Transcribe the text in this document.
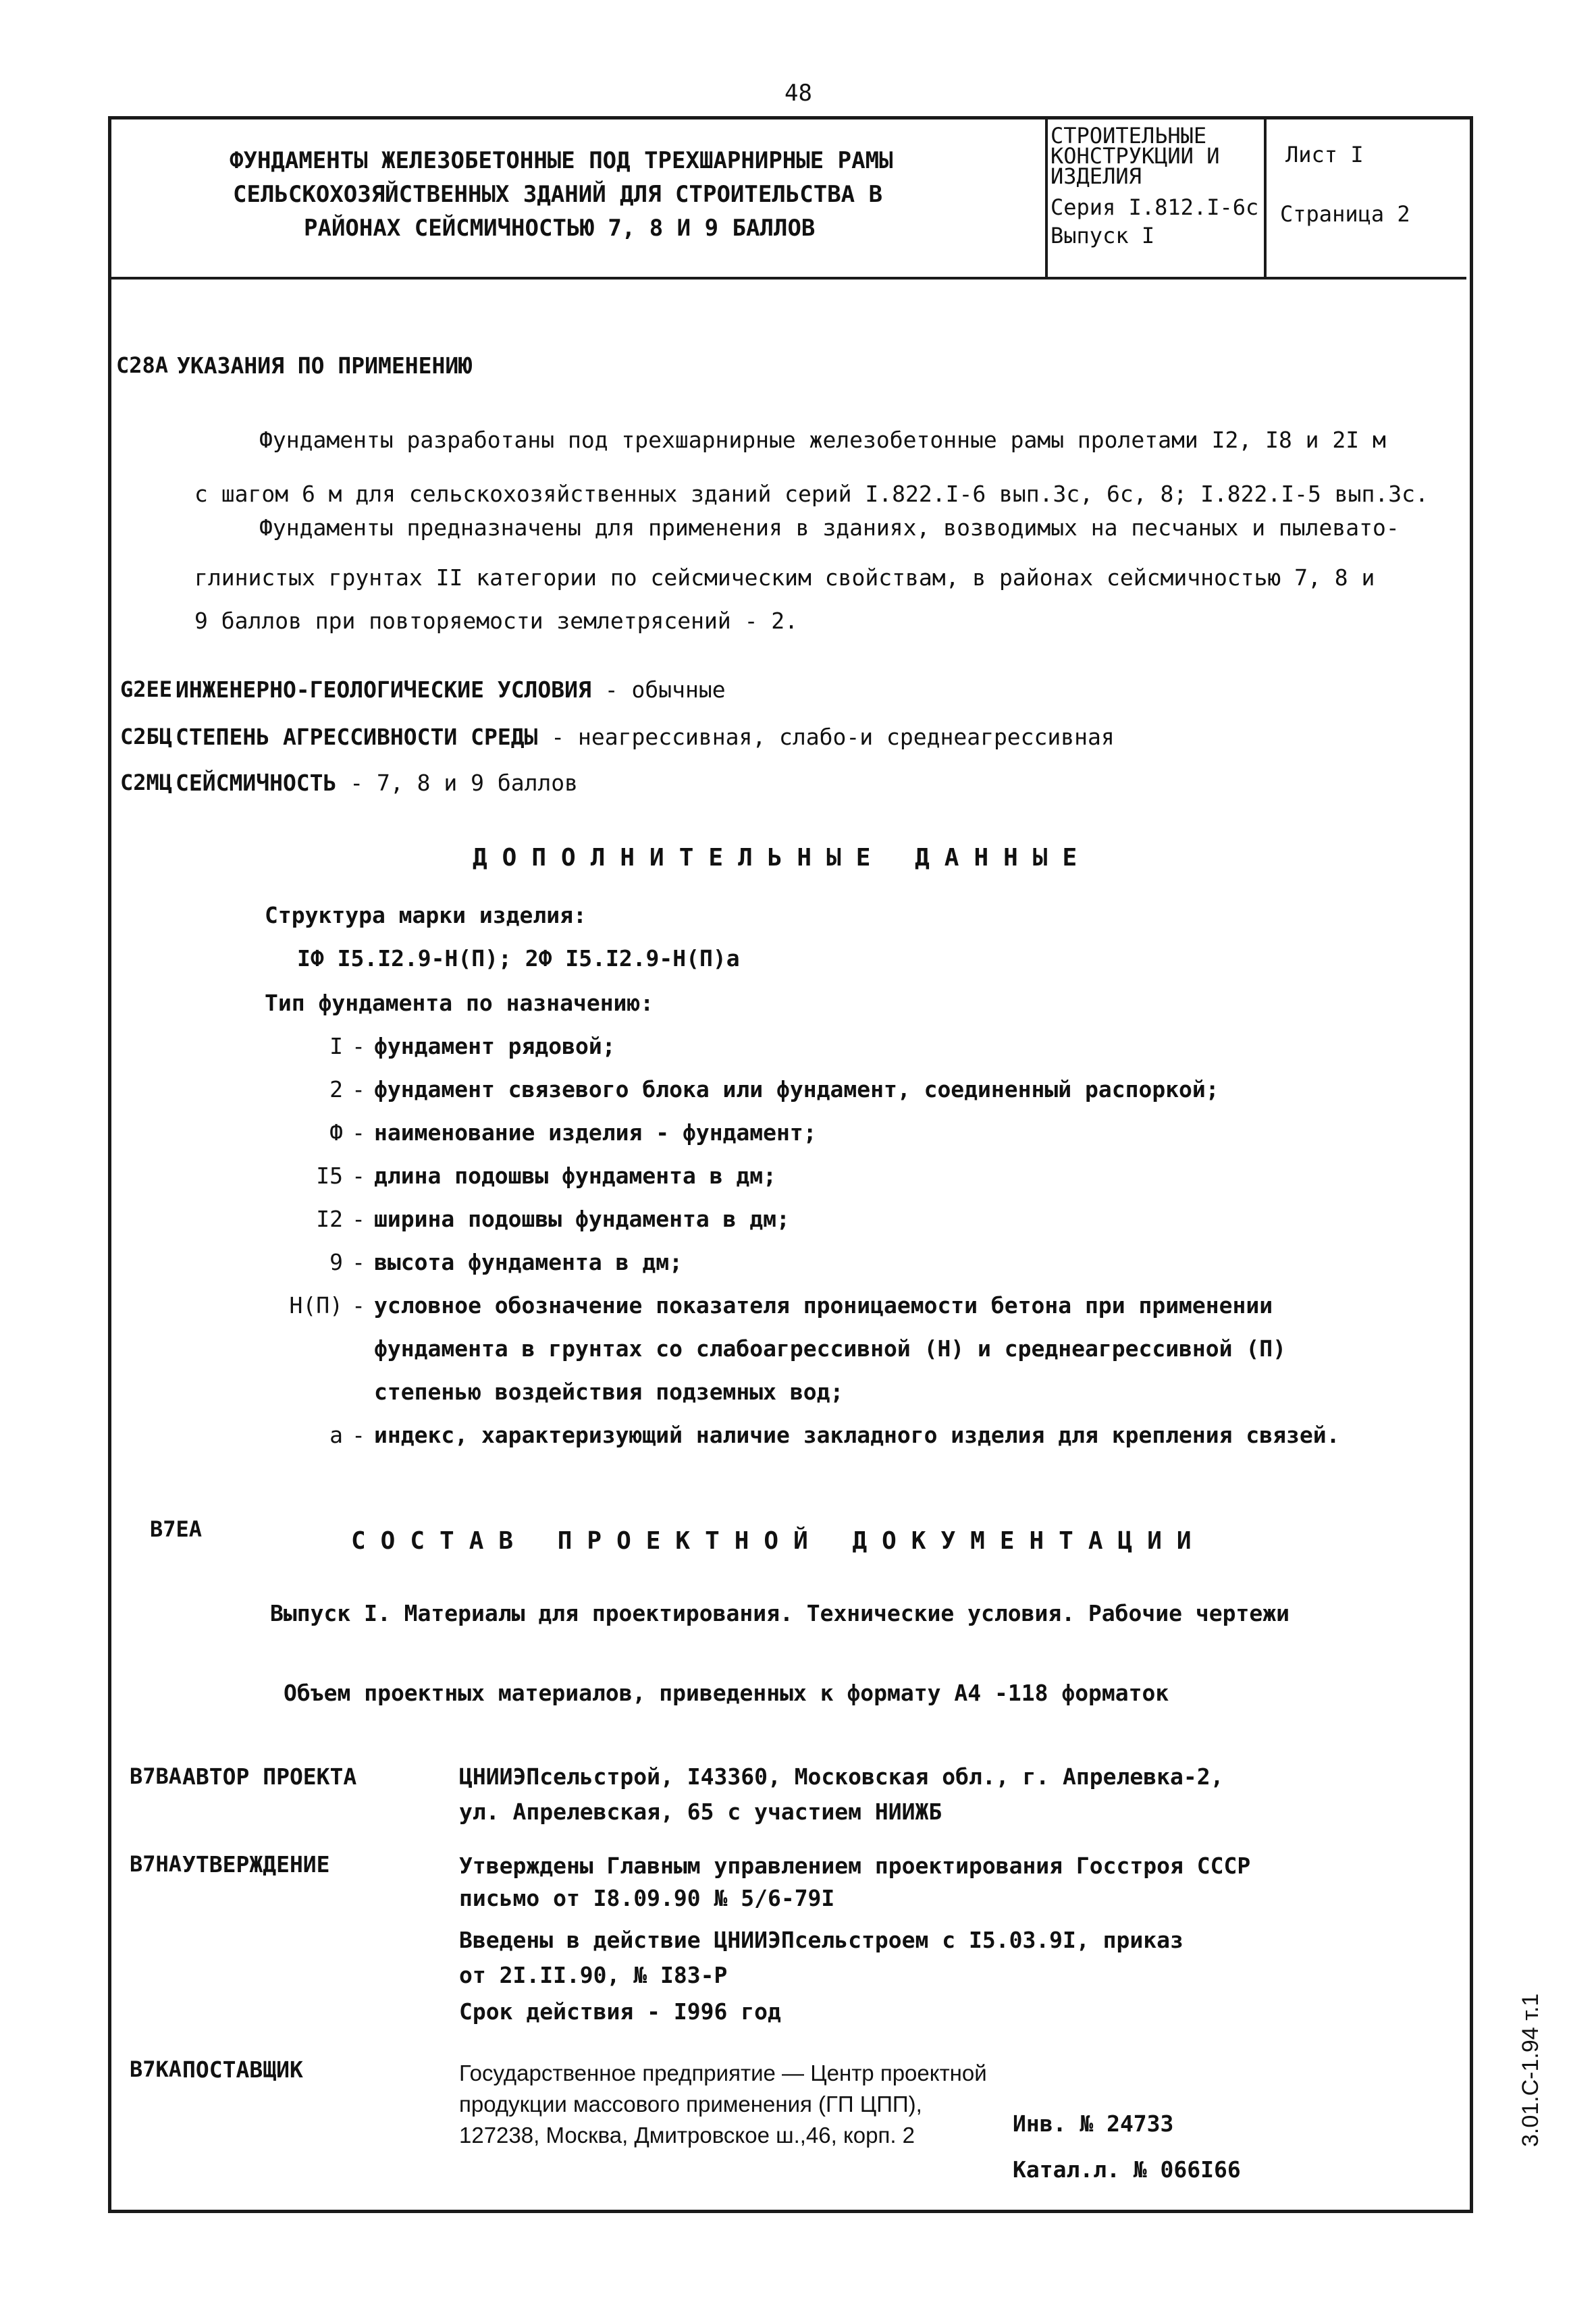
48
ФУНДАМЕНТЫ ЖЕЛЕЗОБЕТОННЫЕ ПОД ТРЕХШАРНИРНЫЕ РАМЫ
СЕЛЬСКОХОЗЯЙСТВЕННЫХ ЗДАНИЙ ДЛЯ СТРОИТЕЛЬСТВА В
РАЙОНАХ СЕЙСМИЧНОСТЬЮ 7, 8 И 9 БАЛЛОВ
СТРОИТЕЛЬНЫЕ
КОНСТРУКЦИИ И
ИЗДЕЛИЯ
Серия I.812.I-6с
Выпуск I
Лист I
Страница 2
С28А УКАЗАНИЯ ПО ПРИМЕНЕНИЮ
Фундаменты разработаны под трехшарнирные железобетонные рамы пролетами I2, I8 и 2I м
с шагом 6 м для сельскохозяйственных зданий серий I.822.I-6 вып.3с, 6с, 8; I.822.I-5 вып.3с.
Фундаменты предназначены для применения в зданиях, возводимых на песчаных и пылевато-
глинистых грунтах II категории по сейсмическим свойствам, в районах сейсмичностью 7, 8 и
9 баллов при повторяемости землетрясений - 2.
G2ЕЕ ИНЖЕНЕРНО-ГЕОЛОГИЧЕСКИЕ УСЛОВИЯ - обычные
С2БЦ СТЕПЕНЬ АГРЕССИВНОСТИ СРЕДЫ - неагрессивная, слабо-и среднеагрессивная
С2МЦ СЕЙСМИЧНОСТЬ - 7, 8 и 9 баллов
ДОПОЛНИТЕЛЬНЫЕ ДАННЫЕ
Структура марки изделия:
IФ I5.I2.9-Н(П); 2Ф I5.I2.9-Н(П)а
Тип фундамента по назначению:
I - фундамент рядовой;
2 - фундамент связевого блока или фундамент, соединенный распоркой;
Ф - наименование изделия - фундамент;
I5 - длина подошвы фундамента в дм;
I2 - ширина подошвы фундамента в дм;
9 - высота фундамента в дм;
Н(П) - условное обозначение показателя проницаемости бетона при применении
фундамента в грунтах со слабоагрессивной (Н) и среднеагрессивной (П)
степенью воздействия подземных вод;
а - индекс, характеризующий наличие закладного изделия для крепления связей.
В7ЕА	СОСТАВ ПРОЕКТНОЙ ДОКУМЕНТАЦИИ
Выпуск I. Материалы для проектирования. Технические условия. Рабочие чертежи
Объем проектных материалов, приведенных к формату А4 -118 форматок
В7ВА АВТОР ПРОЕКТА	ЦНИИЭПсельстрой, I43360, Московская обл., г. Апрелевка-2,
ул. Апрелевская, 65 с участием НИИЖБ
В7НА УТВЕРЖДЕНИЕ	Утверждены Главным управлением проектирования Госстроя СССР
письмо от I8.09.90 № 5/6-79I
Введены в действие ЦНИИЭПсельстроем с I5.03.9I, приказ
от 2I.II.90, № I83-Р
Срок действия - I996 год
В7КА ПОСТАВЩИК	Государственное предприятие — Центр проектной
продукции массового применения (ГП ЦПП),
127238, Москва, Дмитровское ш.,46, корп. 2	Инв. № 24733
Катал.л. № 066I66
3.01.С-1.94 т.1
